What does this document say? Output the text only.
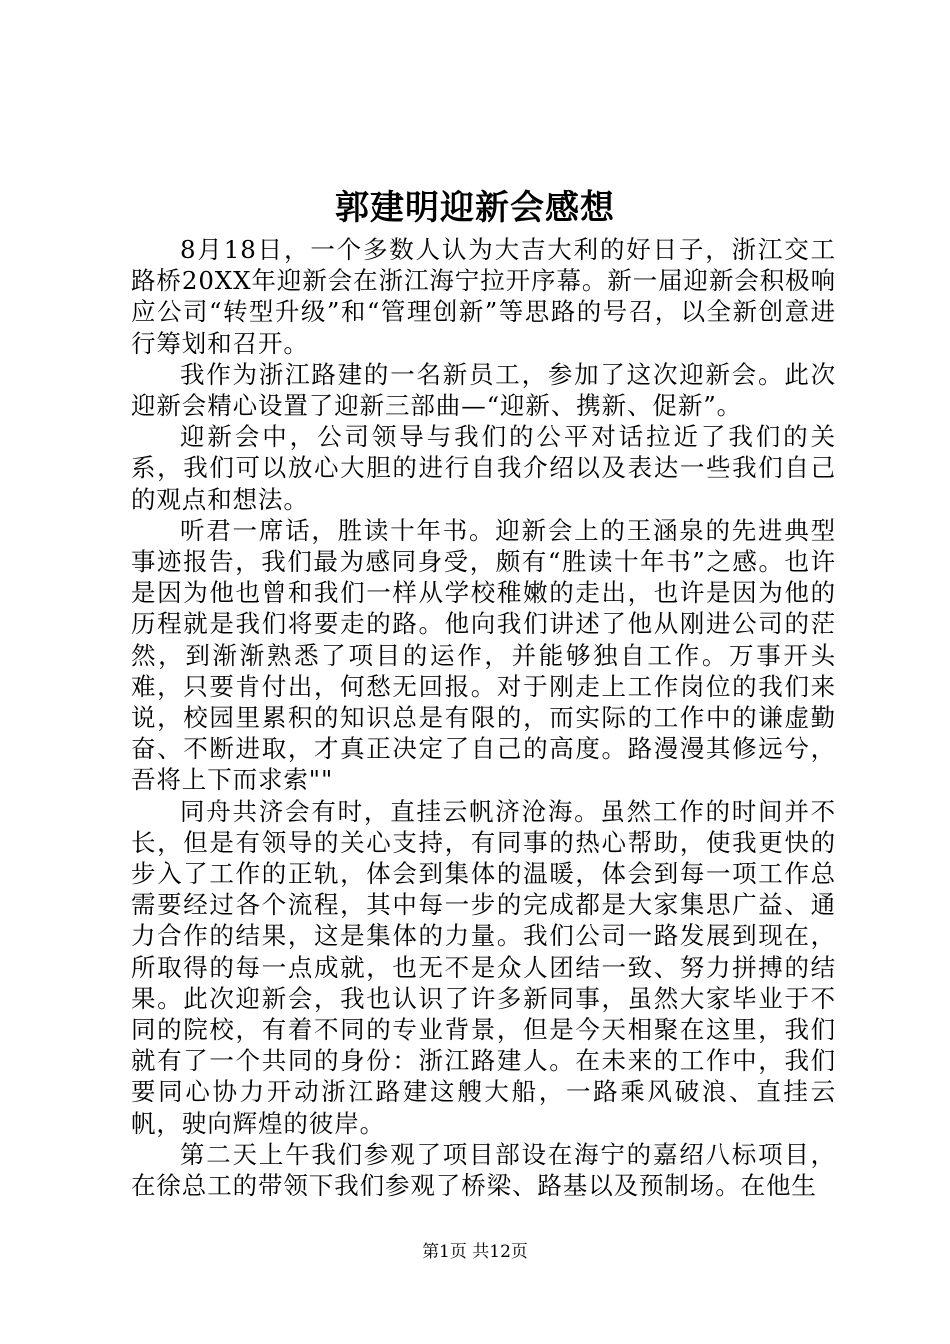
郭建明迎新会感想

8月18日，一个多数人认为大吉大利的好日子，浙江交工路桥20XX年迎新会在浙江海宁拉开序幕。新一届迎新会积极响应公司“转型升级”和“管理创新”等思路的号召，以全新创意进行筹划和召开。

我作为浙江路建的一名新员工，参加了这次迎新会。此次迎新会精心设置了迎新三部曲—“迎新、携新、促新”。

迎新会中，公司领导与我们的公平对话拉近了我们的关系，我们可以放心大胆的进行自我介绍以及表达一些我们自己的观点和想法。

听君一席话，胜读十年书。迎新会上的王涵泉的先进典型事迹报告，我们最为感同身受，颇有“胜读十年书”之感。也许是因为他也曾和我们一样从学校稚嫩的走出，也许是因为他的历程就是我们将要走的路。他向我们讲述了他从刚进公司的茫然，到渐渐熟悉了项目的运作，并能够独自工作。万事开头难，只要肯付出，何愁无回报。对于刚走上工作岗位的我们来说，校园里累积的知识总是有限的，而实际的工作中的谦虚勤奋、不断进取，才真正决定了自己的高度。路漫漫其修远兮，吾将上下而求索""

同舟共济会有时，直挂云帆济沧海。虽然工作的时间并不长，但是有领导的关心支持，有同事的热心帮助，使我更快的步入了工作的正轨，体会到集体的温暖，体会到每一项工作总需要经过各个流程，其中每一步的完成都是大家集思广益、通力合作的结果，这是集体的力量。我们公司一路发展到现在，所取得的每一点成就，也无不是众人团结一致、努力拼搏的结果。此次迎新会，我也认识了许多新同事，虽然大家毕业于不同的院校，有着不同的专业背景，但是今天相聚在这里，我们就有了一个共同的身份：浙江路建人。在未来的工作中，我们要同心协力开动浙江路建这艘大船，一路乘风破浪、直挂云帆，驶向辉煌的彼岸。

第二天上午我们参观了项目部设在海宁的嘉绍八标项目，在徐总工的带领下我们参观了桥梁、路基以及预制场。在他生

第1页 共12页
